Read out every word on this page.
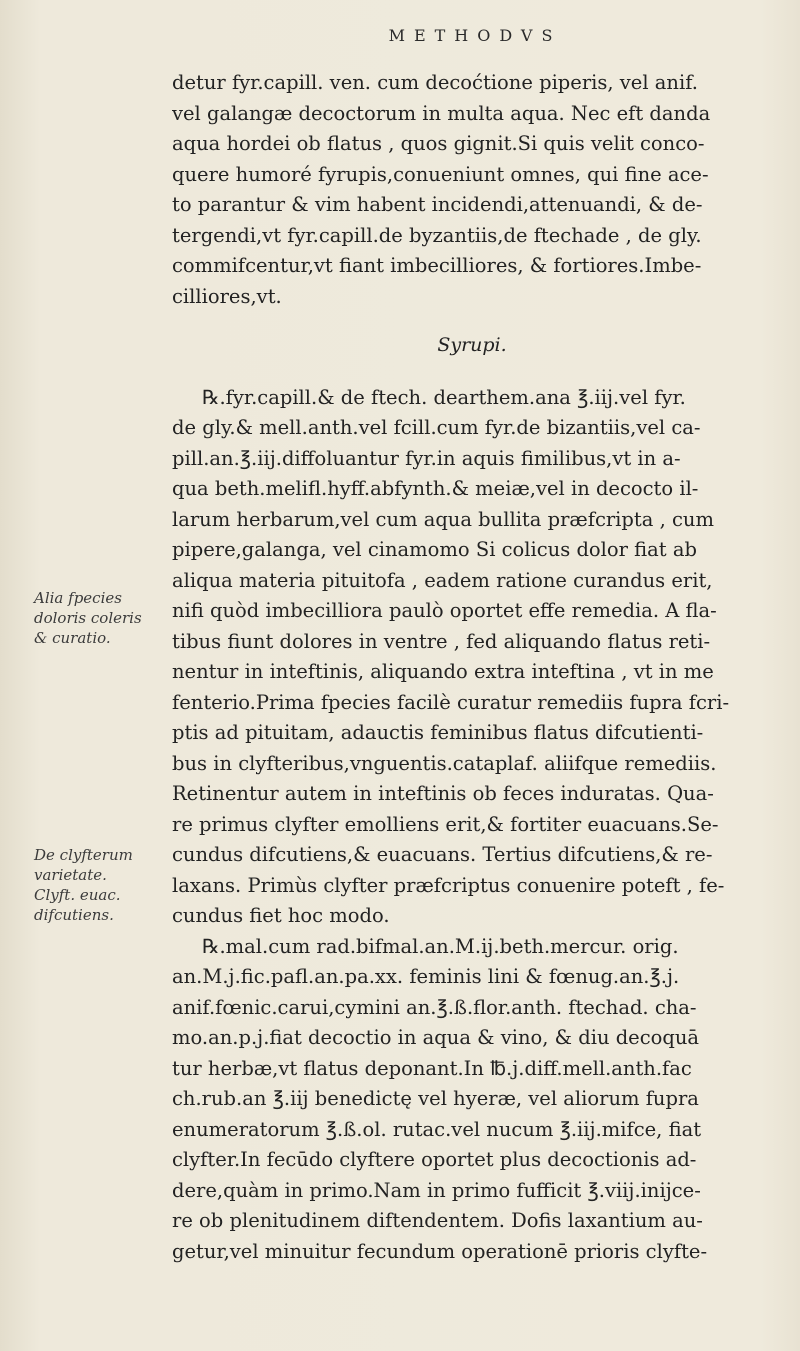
METHODVS
Alia fpecies
doloris coleris
& curatio.
De clyfterum
varietate.
Clyft. euac.
difcutiens.

detur fyr.capill. ven. cum decoćtione piperis, vel anif.
vel galangæ decoctorum in multa aqua. Nec eft danda
aqua hordei ob flatus , quos gignit.Si quis velit conco-
quere humoré fyrupis,conueniunt omnes, qui fine ace-
to parantur & vim habent incidendi,attenuandi, & de-
tergendi,vt fyr.capill.de byzantiis,de ftechade , de gly.
commifcentur,vt fiant imbecilliores, & fortiores.Imbe-
cilliores,vt.

Syrupi.

℞.fyr.capill.& de ftech. dearthem.ana ℥.iij.vel fyr.

de gly.& mell.anth.vel fcill.cum fyr.de bizantiis,vel ca-
pill.an.℥.iij.diffoluantur fyr.in aquis fimilibus,vt in a-
qua beth.melifl.hyff.abfynth.& meiæ,vel in decocto il-
larum herbarum,vel cum aqua bullita præfcripta , cum
pipere,galanga, vel cinamomo Si colicus dolor fiat ab
aliqua materia pituitofa , eadem ratione curandus erit,
nifi quòd imbecilliora paulò oportet effe remedia. A fla-
tibus fiunt dolores in ventre , fed aliquando flatus reti-
nentur in inteftinis, aliquando extra inteftina , vt in me
fenterio.Prima fpecies facilè curatur remediis fupra fcri-
ptis ad pituitam, adauctis feminibus flatus difcutienti-
bus in clyfteribus,vnguentis.cataplaf. aliifque remediis.
Retinentur autem in inteftinis ob feces induratas. Qua-
re primus clyfter emolliens erit,& fortiter euacuans.Se-
cundus difcutiens,& euacuans. Tertius difcutiens,& re-
laxans. Primùs clyfter præfcriptus conuenire poteft , fe-
cundus fiet hoc modo.

℞.mal.cum rad.bifmal.an.M.ij.beth.mercur. orig.

an.M.j.fic.pafl.an.pa.xx. feminis lini & fœnug.an.℥.j.
anif.fœnic.carui,cymini an.℥.ß.flor.anth. ftechad. cha-
mo.an.p.j.fiat decoctio in aqua & vino, & diu decoquā
tur herbæ,vt flatus deponant.In ℔.j.diff.mell.anth.fac
ch.rub.an ℥.iij benedictę vel hyeræ, vel aliorum fupra
enumeratorum ℥.ß.ol. rutac.vel nucum ℥.iij.mifce, fiat
clyfter.In fecūdo clyftere oportet plus decoctionis ad-
dere,quàm in primo.Nam in primo fufficit ℥.viij.inijce-
re ob plenitudinem diftendentem. Dofis laxantium au-
getur,vel minuitur fecundum operationē prioris clyfte-
